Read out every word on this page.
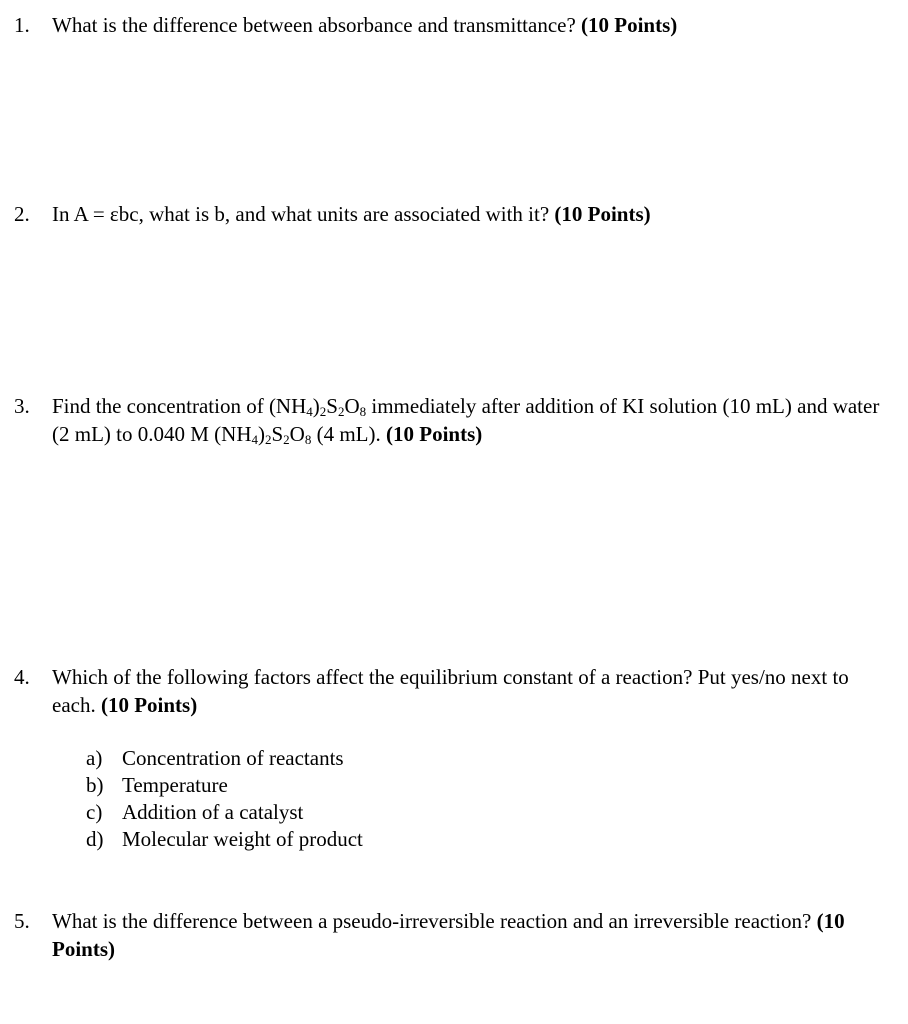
1.	What is the difference between absorbance and transmittance? (10 Points)
2.	In A = εbc, what is b, and what units are associated with it? (10 Points)
3.	Find the concentration of $(NH_4)_2S_2O_8$ immediately after addition of KI solution (10 mL) and water (2 mL) to 0.040 M $(NH_4)_2S_2O_8$ (4 mL). (10 Points)
4.	Which of the following factors affect the equilibrium constant of a reaction? Put yes/no next to each. (10 Points)
a) Concentration of reactants
b) Temperature
c) Addition of a catalyst
d) Molecular weight of product
5.	What is the difference between a pseudo-irreversible reaction and an irreversible reaction? (10 Points)
